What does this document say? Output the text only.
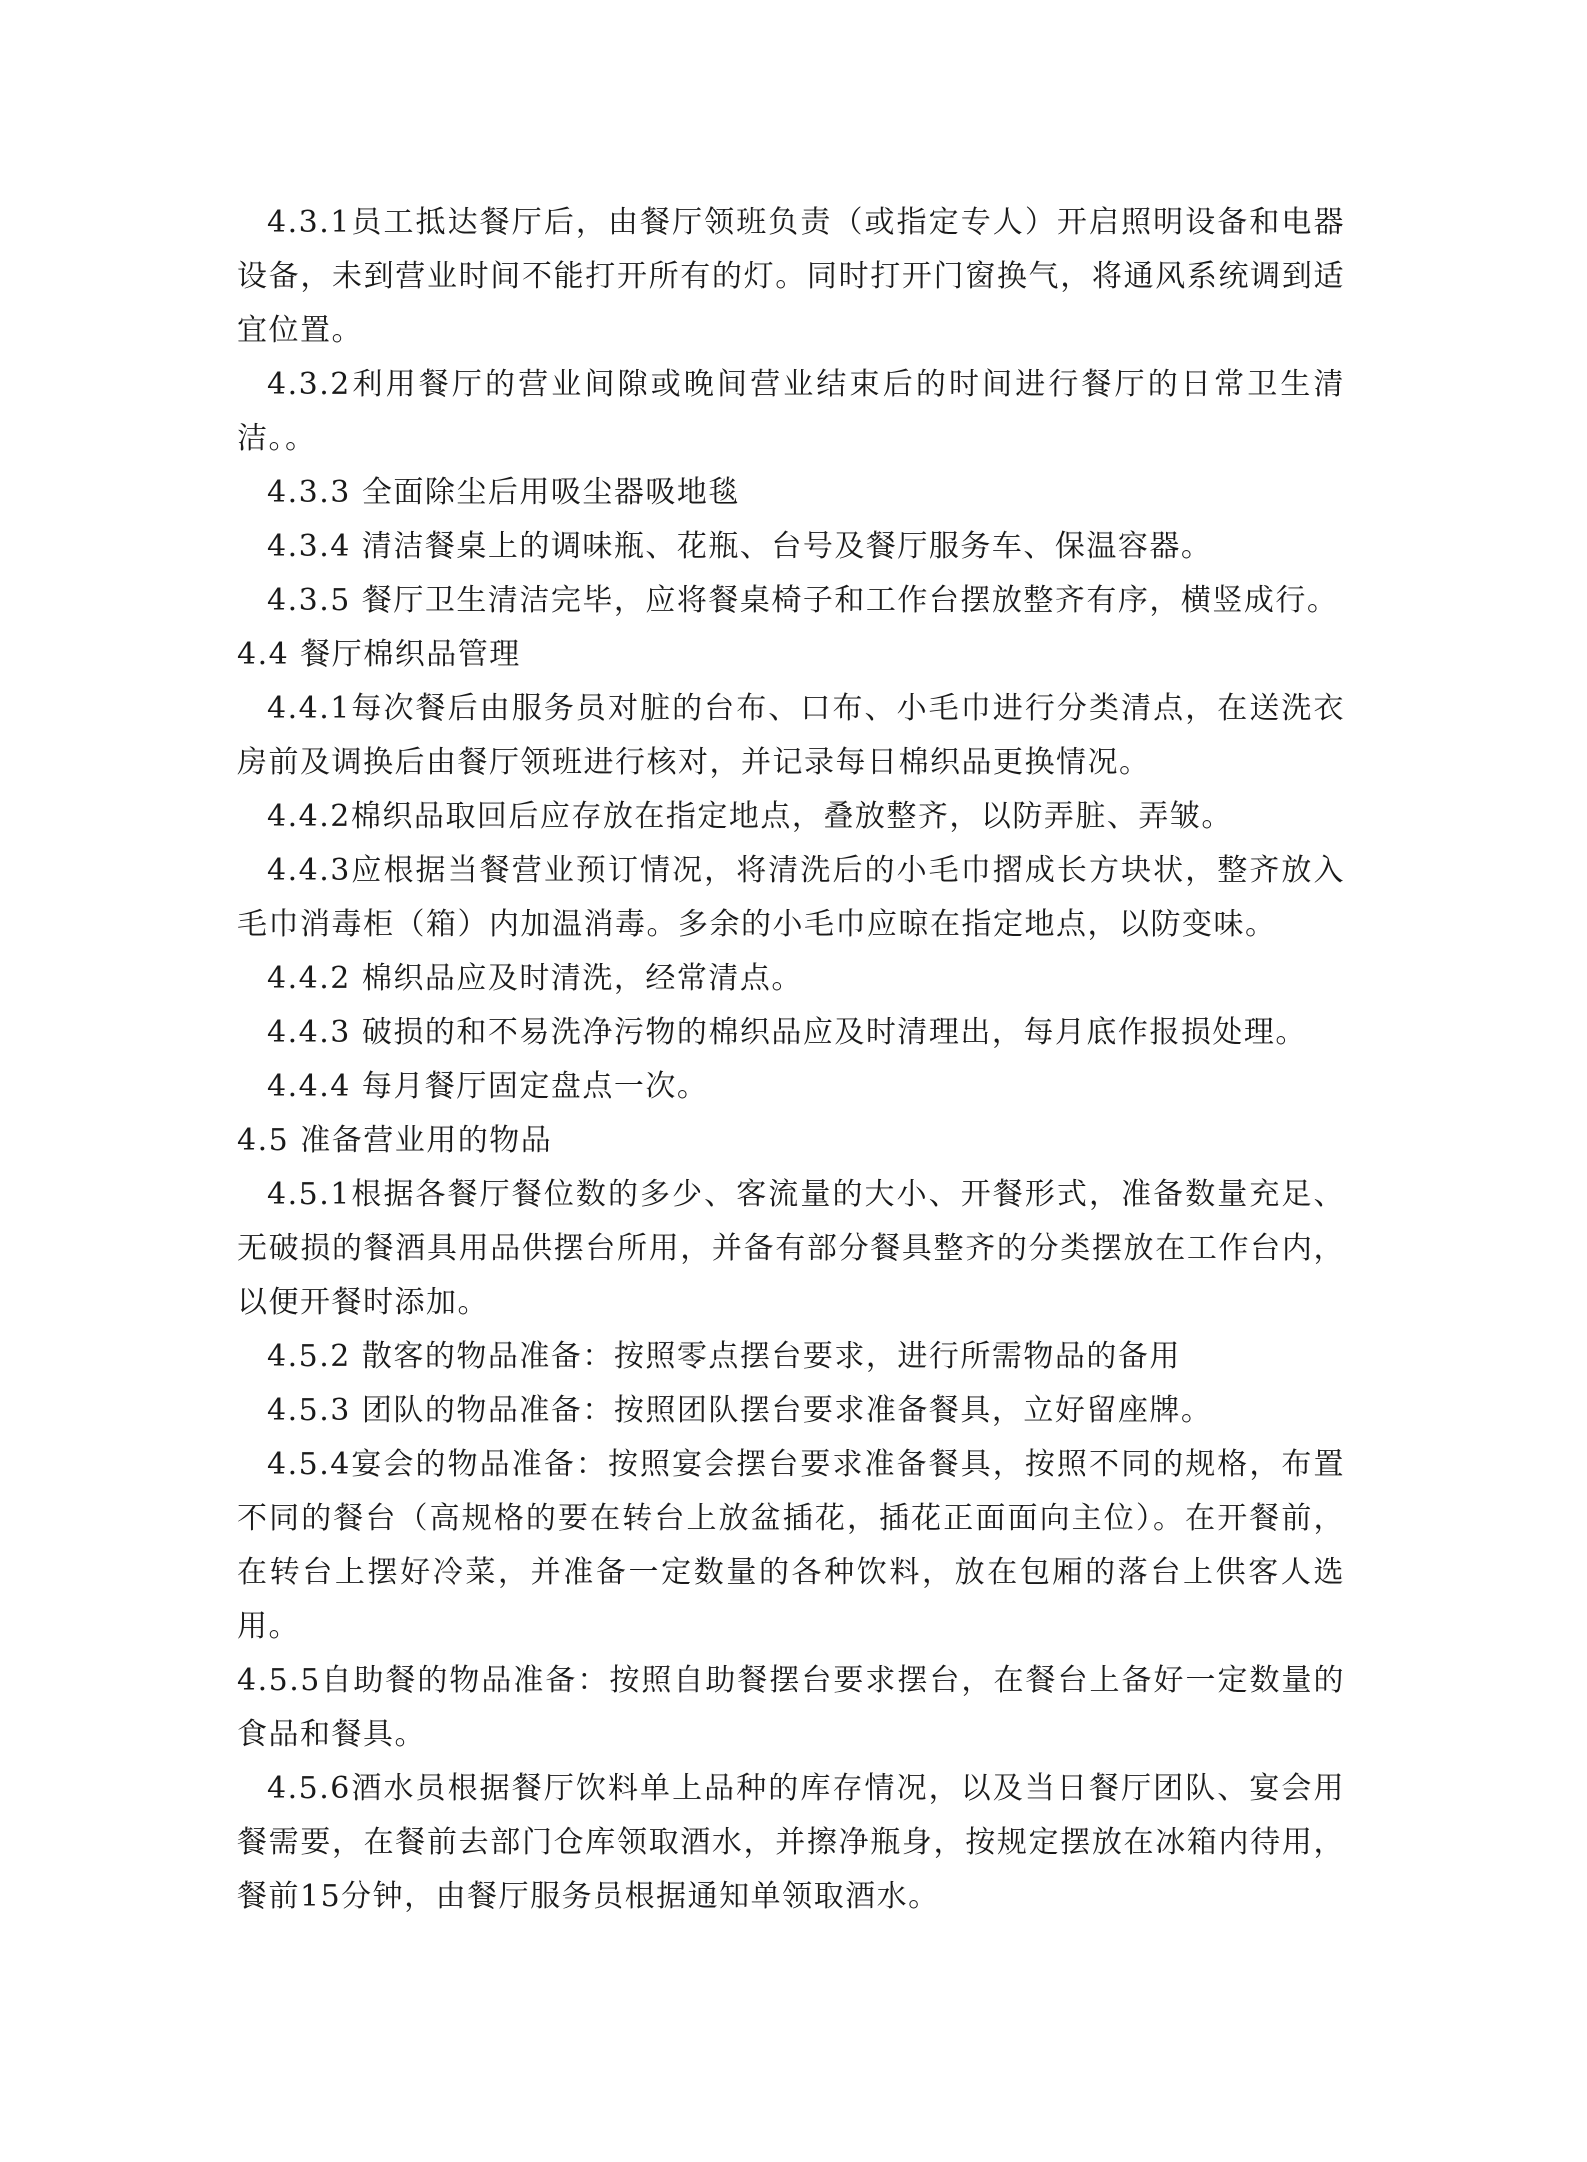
4.3.1员工抵达餐厅后，由餐厅领班负责（或指定专人）开启照明设备和电器设备，未到营业时间不能打开所有的灯。同时打开门窗换气，将通风系统调到适宜位置。

4.3.2利用餐厅的营业间隙或晚间营业结束后的时间进行餐厅的日常卫生清洁。。

4.3.3 全面除尘后用吸尘器吸地毯

4.3.4 清洁餐桌上的调味瓶、花瓶、台号及餐厅服务车、保温容器。

4.3.5 餐厅卫生清洁完毕，应将餐桌椅子和工作台摆放整齐有序，横竖成行。

4.4 餐厅棉织品管理

4.4.1每次餐后由服务员对脏的台布、口布、小毛巾进行分类清点，在送洗衣房前及调换后由餐厅领班进行核对，并记录每日棉织品更换情况。

4.4.2棉织品取回后应存放在指定地点，叠放整齐，以防弄脏、弄皱。

4.4.3应根据当餐营业预订情况，将清洗后的小毛巾摺成长方块状，整齐放入毛巾消毒柜（箱）内加温消毒。多余的小毛巾应晾在指定地点，以防变味。

4.4.2 棉织品应及时清洗，经常清点。

4.4.3 破损的和不易洗净污物的棉织品应及时清理出，每月底作报损处理。

4.4.4 每月餐厅固定盘点一次。

4.5 准备营业用的物品

4.5.1根据各餐厅餐位数的多少、客流量的大小、开餐形式，准备数量充足、无破损的餐酒具用品供摆台所用，并备有部分餐具整齐的分类摆放在工作台内，以便开餐时添加。

4.5.2 散客的物品准备：按照零点摆台要求，进行所需物品的备用

4.5.3 团队的物品准备：按照团队摆台要求准备餐具，立好留座牌。

4.5.4宴会的物品准备：按照宴会摆台要求准备餐具，按照不同的规格，布置不同的餐台（高规格的要在转台上放盆插花，插花正面面向主位）。在开餐前，在转台上摆好冷菜，并准备一定数量的各种饮料，放在包厢的落台上供客人选用。

4.5.5自助餐的物品准备：按照自助餐摆台要求摆台，在餐台上备好一定数量的食品和餐具。

4.5.6酒水员根据餐厅饮料单上品种的库存情况，以及当日餐厅团队、宴会用餐需要，在餐前去部门仓库领取酒水，并擦净瓶身，按规定摆放在冰箱内待用，餐前15分钟，由餐厅服务员根据通知单领取酒水。
